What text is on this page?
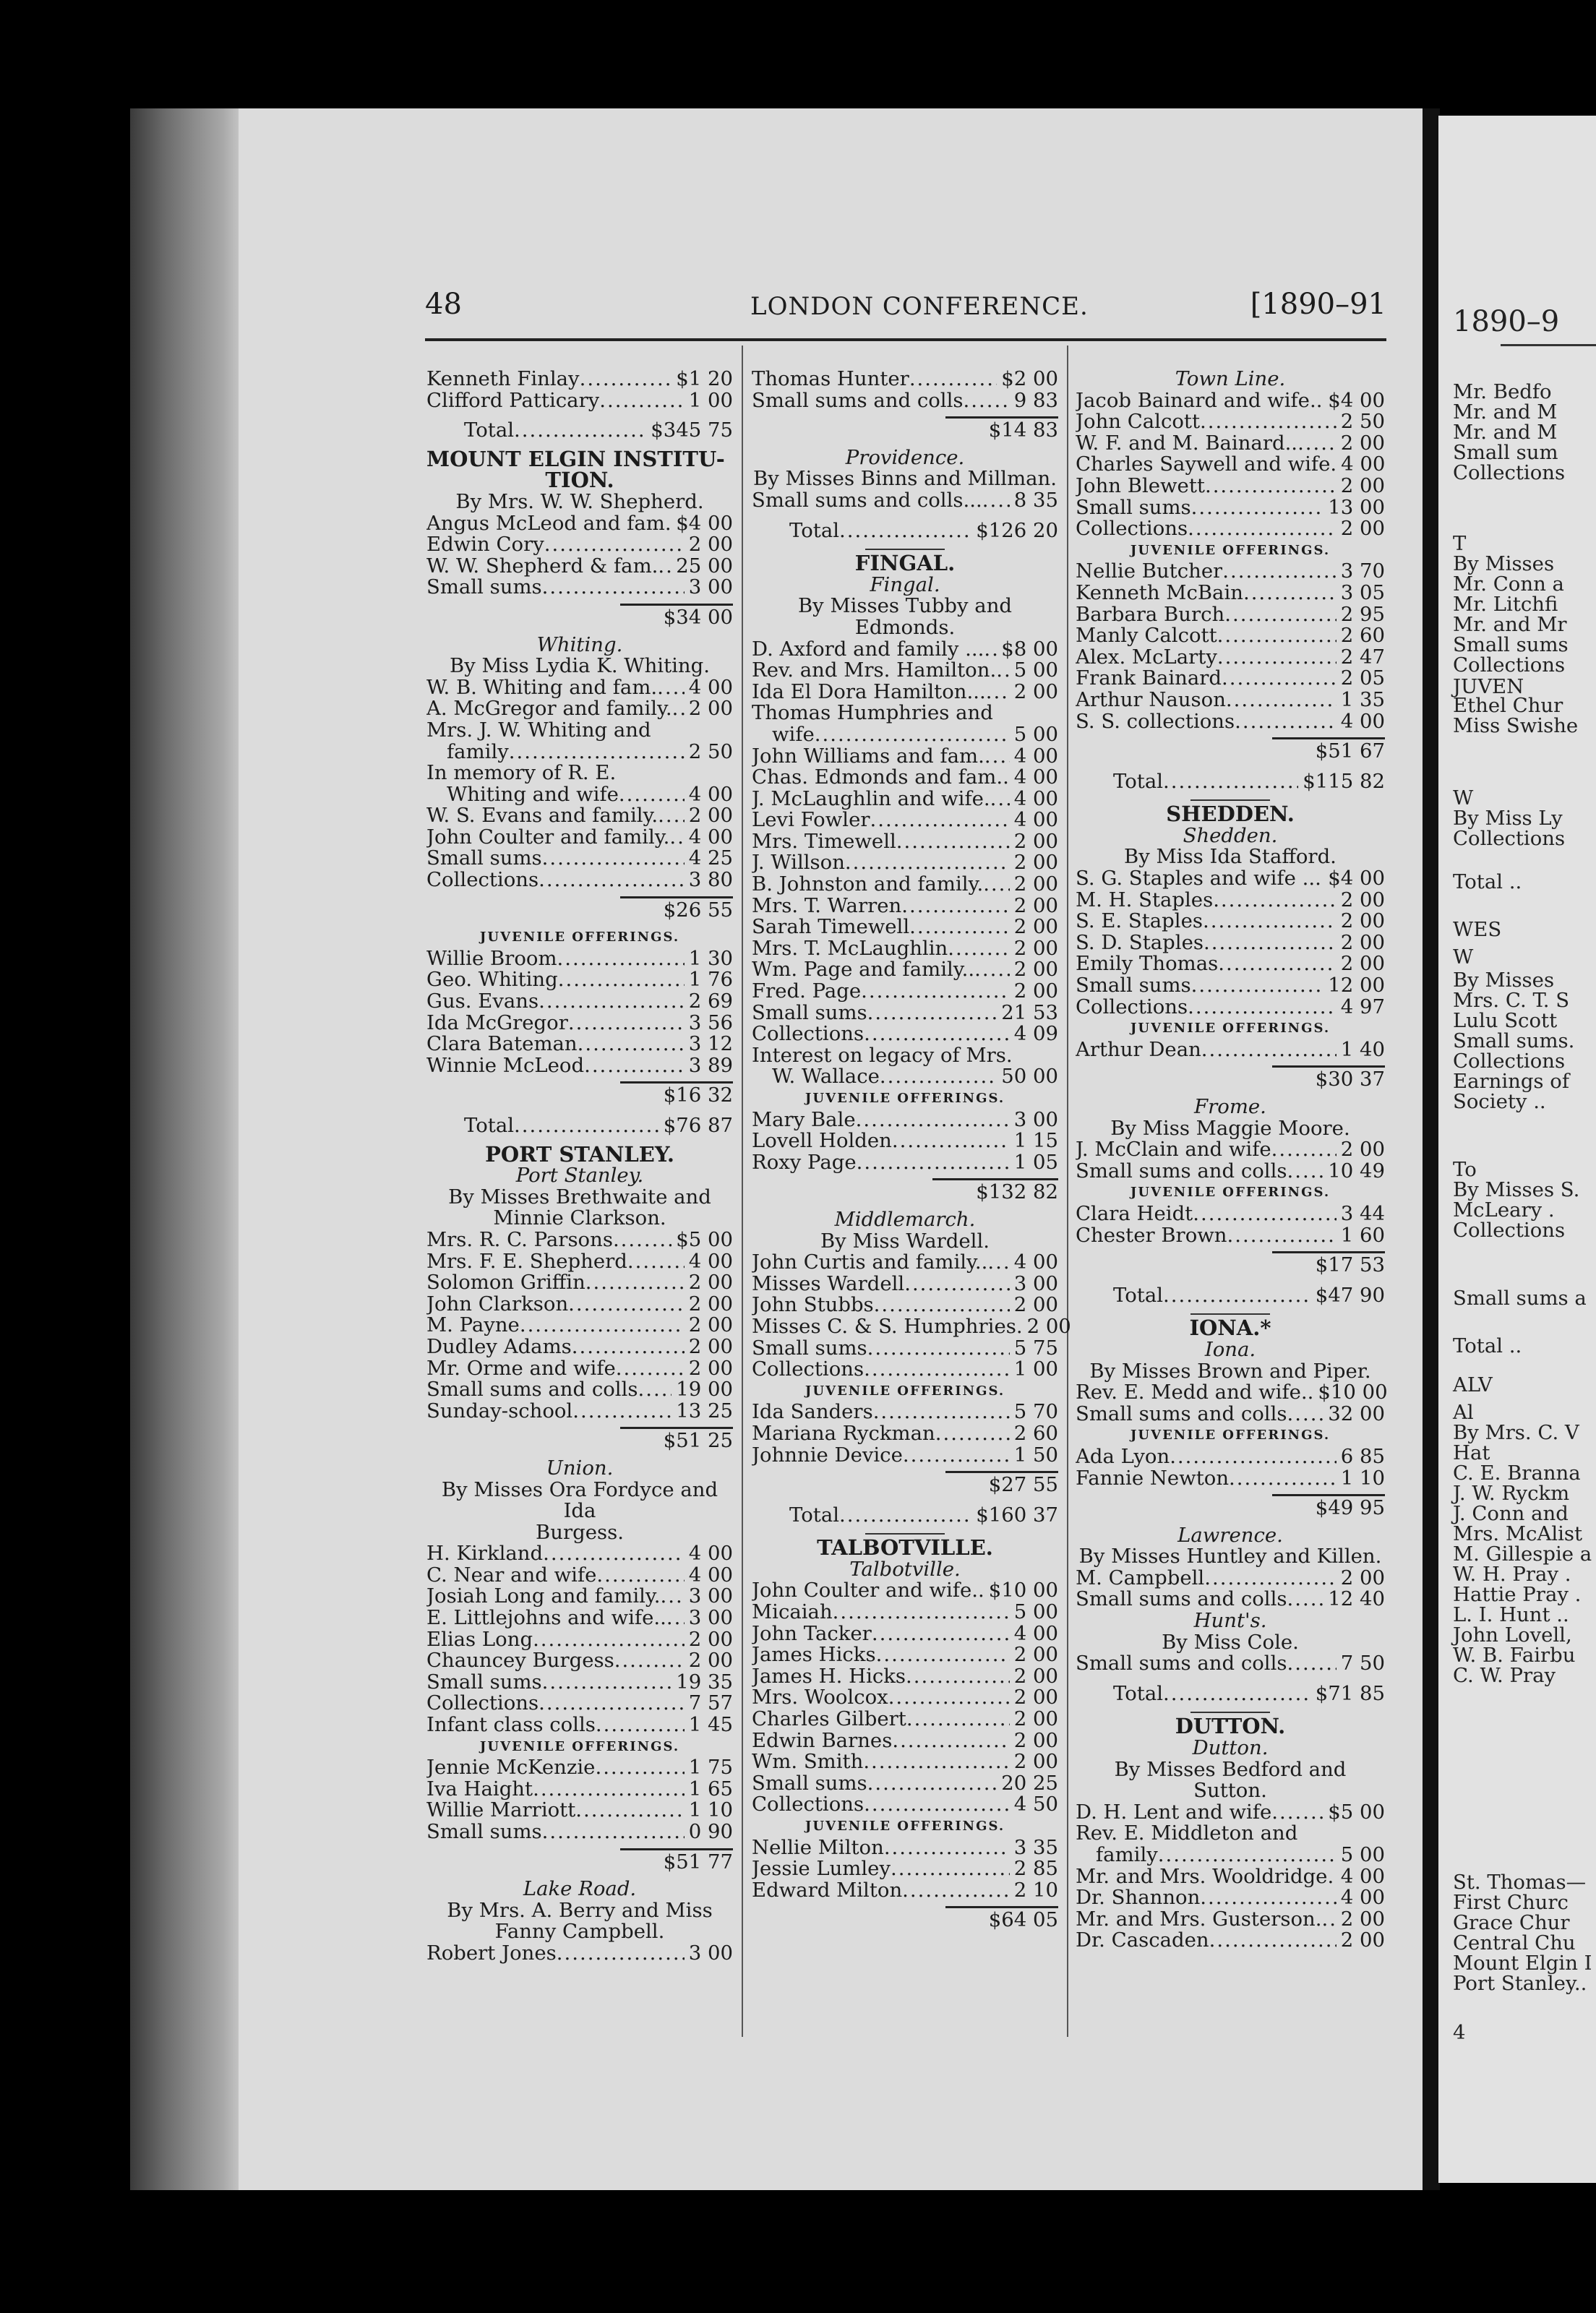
1890–9
Mr. Bedfo
Mr. and M
Mr. and M
Small sum
Collections
T
By Misses
Mr. Conn a
Mr. Litchfi
Mr. and Mr
Small sums
Collections
JUVEN
Ethel Chur
Miss Swishe
W
By Miss Ly
Collections
Total ..
WES
W
By Misses
Mrs. C. T. S
Lulu Scott
Small sums.
Collections
Earnings of
Society ..
To
By Misses S.
McLeary .
Collections
Small sums a
Total ..
ALV
Al
By Mrs. C. V
Hat
C. E. Branna
J. W. Ryckm
J. Conn and
Mrs. McAlist
M. Gillespie a
W. H. Pray .
Hattie Pray .
L. I. Hunt ..
John Lovell,
W. B. Fairbu
C. W. Pray
St. Thomas—
First Churc
Grace Chur
Central Chu
Mount Elgin I
Port Stanley..
4
48	LONDON CONFERENCE.	[1890–91
Kenneth Finlay .....	$1 20
Clifford Patticary .....	1 00
Total .....	$345 75
MOUNT ELGIN INSTITU-
TION.
By Mrs. W. W. Shepherd.
Angus McLeod and fam ..... $4 00
Edwin Cory .....	2 00
W. W. Shepherd & fam. ..... 25 00
Small sums .....	3 00
$34 00
Whiting.
By Miss Lydia K. Whiting.
W. B. Whiting and fam. ..... 4 00
A. McGregor and family. ..... 2 00
Mrs. J. W. Whiting and
family .....	2 50
In memory of R. E.
Whiting and wife .....	4 00
W. S. Evans and family. ..... 2 00
John Coulter and family. ..... 4 00
Small sums .....	4 25
Collections .....	3 80
$26 55
JUVENILE OFFERINGS.
Willie Broom .....	1 30
Geo. Whiting .....	1 76
Gus. Evans .....	2 69
Ida McGregor .....	3 56
Clara Bateman .....	3 12
Winnie McLeod .....	3 89
$16 32
Total .....	$76 87
PORT STANLEY.
Port Stanley.
By Misses Brethwaite and
Minnie Clarkson.
Mrs. R. C. Parsons .....	$5 00
Mrs. F. E. Shepherd .....	4 00
Solomon Griffin .....	2 00
John Clarkson .....	2 00
M. Payne .....	2 00
Dudley Adams .....	2 00
Mr. Orme and wife .....	2 00
Small sums and colls ..... 19 00
Sunday-school .....	13 25
$51 25
Union.
By Misses Ora Fordyce and Ida
Burgess.
H. Kirkland .....	4 00
C. Near and wife .....	4 00
Josiah Long and family. ..... 3 00
E. Littlejohns and wife.. ..... 3 00
Elias Long .....	2 00
Chauncey Burgess .....	2 00
Small sums .....	19 35
Collections .....	7 57
Infant class colls .....	1 45
JUVENILE OFFERINGS.
Jennie McKenzie .....	1 75
Iva Haight .....	1 65
Willie Marriott .....	1 10
Small sums .....	0 90
$51 77
Lake Road.
By Mrs. A. Berry and Miss
Fanny Campbell.
Robert Jones .....	3 00
Thomas Hunter .....	$2 00
Small sums and colls .....	9 83
$14 83
Providence.
By Misses Binns and Millman.
Small sums and colls... ..... 8 35
Total .....	$126 20
FINGAL.
Fingal.
By Misses Tubby and
Edmonds.
D. Axford and family ... ..... $8 00
Rev. and Mrs. Hamilton. ..... 5 00
Ida El Dora Hamilton... ..... 2 00
Thomas Humphries and
wife .....	5 00
John Williams and fam. ..... 4 00
Chas. Edmonds and fam. ..... 4 00
J. McLaughlin and wife. ..... 4 00
Levi Fowler .....	4 00
Mrs. Timewell .....	2 00
J. Willson .....	2 00
B. Johnston and family. ..... 2 00
Mrs. T. Warren .....	2 00
Sarah Timewell .....	2 00
Mrs. T. McLaughlin .....	2 00
Wm. Page and family.. ..... 2 00
Fred. Page .....	2 00
Small sums .....	21 53
Collections .....	4 09
Interest on legacy of Mrs.
W. Wallace .....	50 00
JUVENILE OFFERINGS.
Mary Bale .....	3 00
Lovell Holden .....	1 15
Roxy Page .....	1 05
$132 82
Middlemarch.
By Miss Wardell.
John Curtis and family.. ..... 4 00
Misses Wardell .....	3 00
John Stubbs .....	2 00
Misses C. & S. Humphries. 2 00
Small sums .....	5 75
Collections .....	1 00
JUVENILE OFFERINGS.
Ida Sanders .....	5 70
Mariana Ryckman .....	2 60
Johnnie Device .....	1 50
$27 55
Total .....	$160 37
TALBOTVILLE.
Talbotville.
John Coulter and wife.. $10 00
Micaiah .....	5 00
John Tacker .....	4 00
James Hicks .....	2 00
James H. Hicks .....	2 00
Mrs. Woolcox .....	2 00
Charles Gilbert .....	2 00
Edwin Barnes .....	2 00
Wm. Smith .....	2 00
Small sums .....	20 25
Collections .....	4 50
JUVENILE OFFERINGS.
Nellie Milton .....	3 35
Jessie Lumley .....	2 85
Edward Milton .....	2 10
$64 05
Town Line.
Jacob Bainard and wife. ..... $4 00
John Calcott .....	2 50
W. F. and M. Bainard.. ..... 2 00
Charles Saywell and wife. 4 00
John Blewett .....	2 00
Small sums .....	13 00
Collections .....	2 00
JUVENILE OFFERINGS.
Nellie Butcher .....	3 70
Kenneth McBain .....	3 05
Barbara Burch .....	2 95
Manly Calcott .....	2 60
Alex. McLarty .....	2 47
Frank Bainard .....	2 05
Arthur Nauson .....	1 35
S. S. collections .....	4 00
$51 67
Total .....	$115 82
SHEDDEN.
Shedden.
By Miss Ida Stafford.
S. G. Staples and wife .. ..... $4 00
M. H. Staples .....	2 00
S. E. Staples .....	2 00
S. D. Staples .....	2 00
Emily Thomas .....	2 00
Small sums .....	12 00
Collections .....	4 97
JUVENILE OFFERINGS.
Arthur Dean .....	1 40
$30 37
Frome.
By Miss Maggie Moore.
J. McClain and wife .....	2 00
Small sums and colls ..... 10 49
JUVENILE OFFERINGS.
Clara Heidt .....	3 44
Chester Brown .....	1 60
$17 53
Total .....	$47 90
IONA.*
Iona.
By Misses Brown and Piper.
Rev. E. Medd and wife.. $10 00
Small sums and colls ..... 32 00
JUVENILE OFFERINGS.
Ada Lyon .....	6 85
Fannie Newton .....	1 10
$49 95
Lawrence.
By Misses Huntley and Killen.
M. Campbell .....	2 00
Small sums and colls ..... 12 40
Hunt's.
By Miss Cole.
Small sums and colls .....	7 50
Total .....	$71 85
DUTTON.
Dutton.
By Misses Bedford and Sutton.
D. H. Lent and wife .....	$5 00
Rev. E. Middleton and
family .....	5 00
Mr. and Mrs. Wooldridge ..... 4 00
Dr. Shannon .....	4 00
Mr. and Mrs. Gusterson. ..... 2 00
Dr. Cascaden .....	2 00
